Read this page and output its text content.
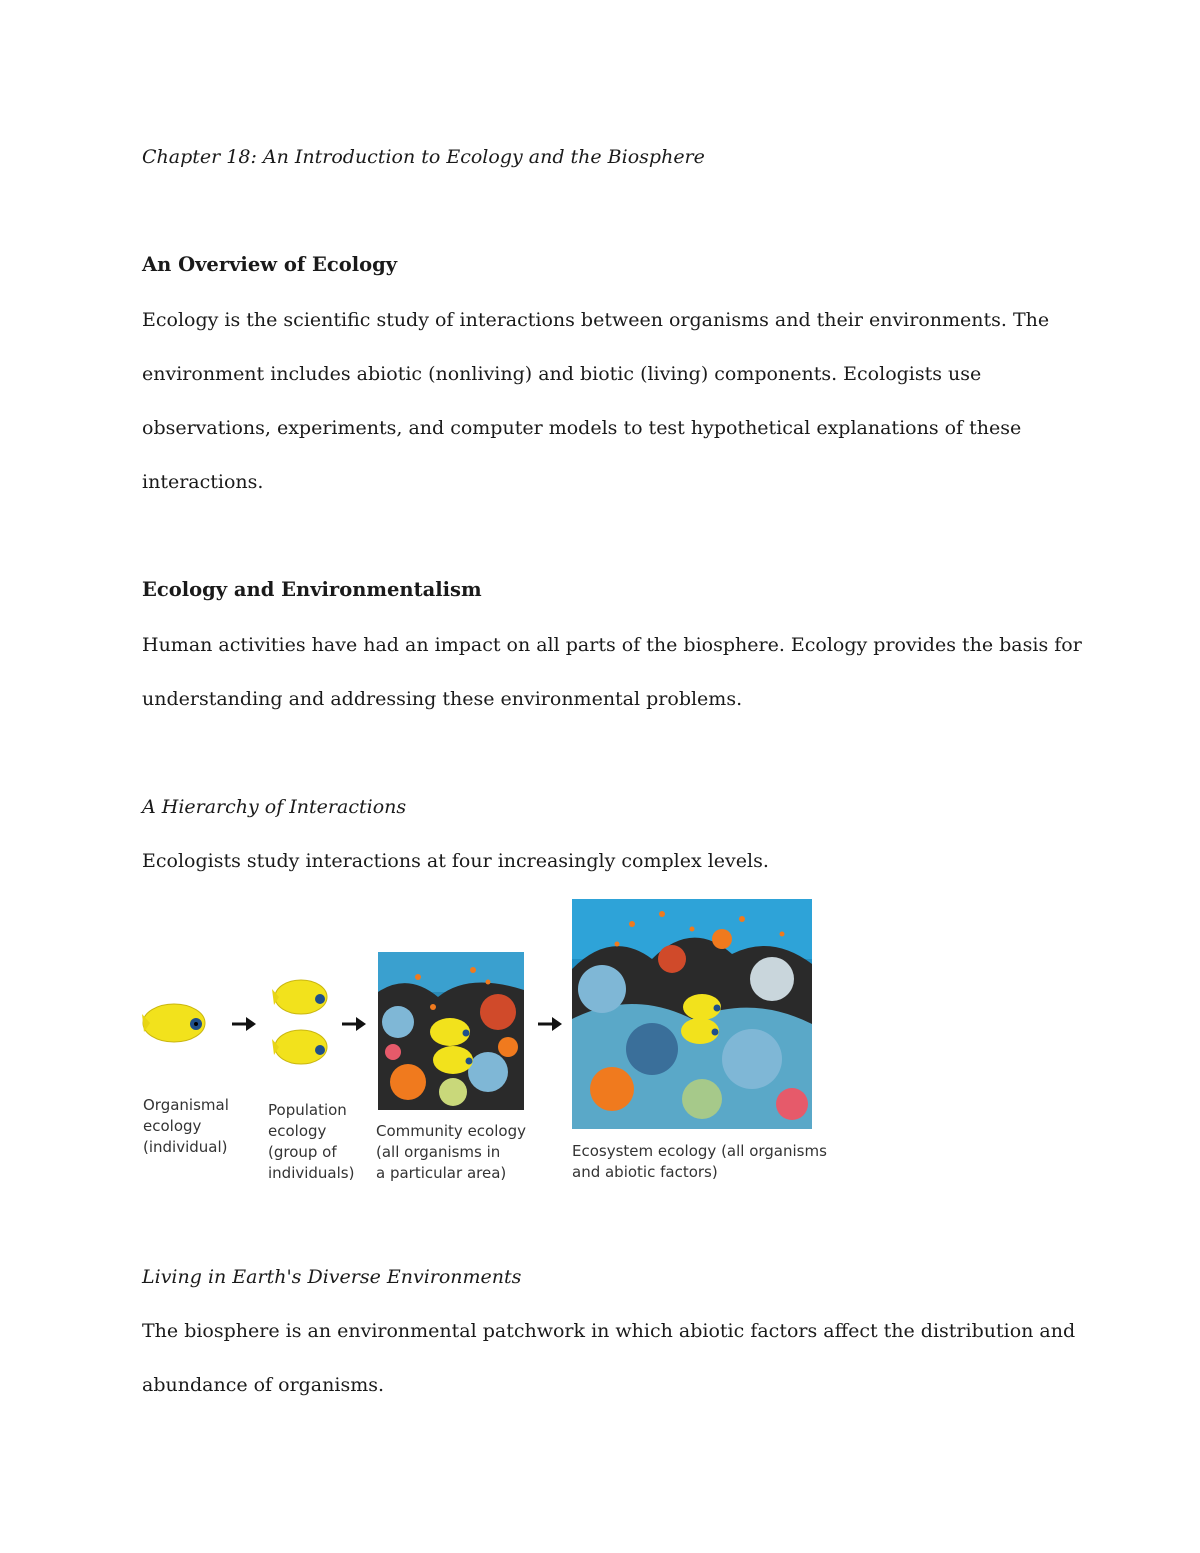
Chapter 18: An Introduction to Ecology and the Biosphere
An Overview of Ecology
Ecology is the scientific study of interactions between organisms and their environments. The
environment includes abiotic (nonliving) and biotic (living) components. Ecologists use
observations, experiments, and computer models to test hypothetical explanations of these
interactions.
Ecology and Environmentalism
Human activities have had an impact on all parts of the biosphere. Ecology provides the basis for
understanding and addressing these environmental problems.
A Hierarchy of Interactions
Ecologists study interactions at four increasingly complex levels.
Organismal
ecology
(individual)
Population
ecology
(group of
individuals)
Community ecology
(all organisms in
a particular area)
Ecosystem ecology (all organisms
and abiotic factors)
Living in Earth's Diverse Environments
The biosphere is an environmental patchwork in which abiotic factors affect the distribution and
abundance of organisms.
